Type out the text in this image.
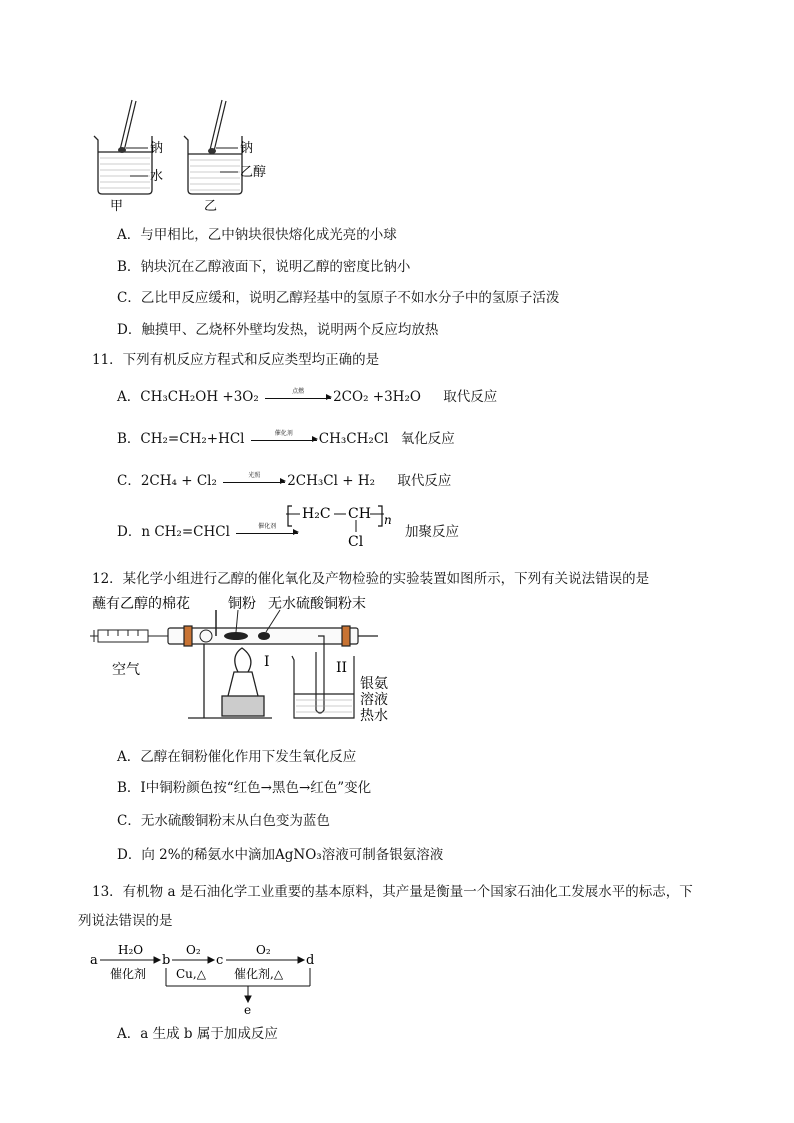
钠
水
甲
钠
乙醇
乙
A．与甲相比，乙中钠块很快熔化成光亮的小球
B．钠块沉在乙醇液面下，说明乙醇的密度比钠小
C．乙比甲反应缓和，说明乙醇羟基中的氢原子不如水分子中的氢原子活泼
D．触摸甲、乙烧杯外壁均发热，说明两个反应均放热
11．下列有机反应方程式和反应类型均正确的是
A．CH₃CH₂OH +3O₂	点燃	2CO₂ +3H₂O 取代反应
B．CH₂=CH₂+HCl	催化剂	CH₃CH₂Cl 氧化反应
C．2CH₄ + Cl₂	光照	2CH₃Cl + H₂ 取代反应
D．n CH₂=CHCl	催化剂
H₂C CH
Cl
n
加聚反应
12．某化学小组进行乙醇的催化氧化及产物检验的实验装置如图所示，下列有关说法错误的是
蘸有乙醇的棉花	铜粉 无水硫酸铜粉末
空气	I	II
银氨
溶液
热水
A．乙醇在铜粉催化作用下发生氧化反应
B．Ⅰ中铜粉颜色按“红色→黑色→红色”变化
C．无水硫酸铜粉末从白色变为蓝色
D．向 2%的稀氨水中滴加AgNO₃溶液可制备银氨溶液
13．有机物 a 是石油化学工业重要的基本原料，其产量是衡量一个国家石油化工发展水平的标志，下
列说法错误的是
a	b	c	d
e
H₂O
催化剂
O₂
Cu,△
O₂
催化剂,△
A．a 生成 b 属于加成反应
